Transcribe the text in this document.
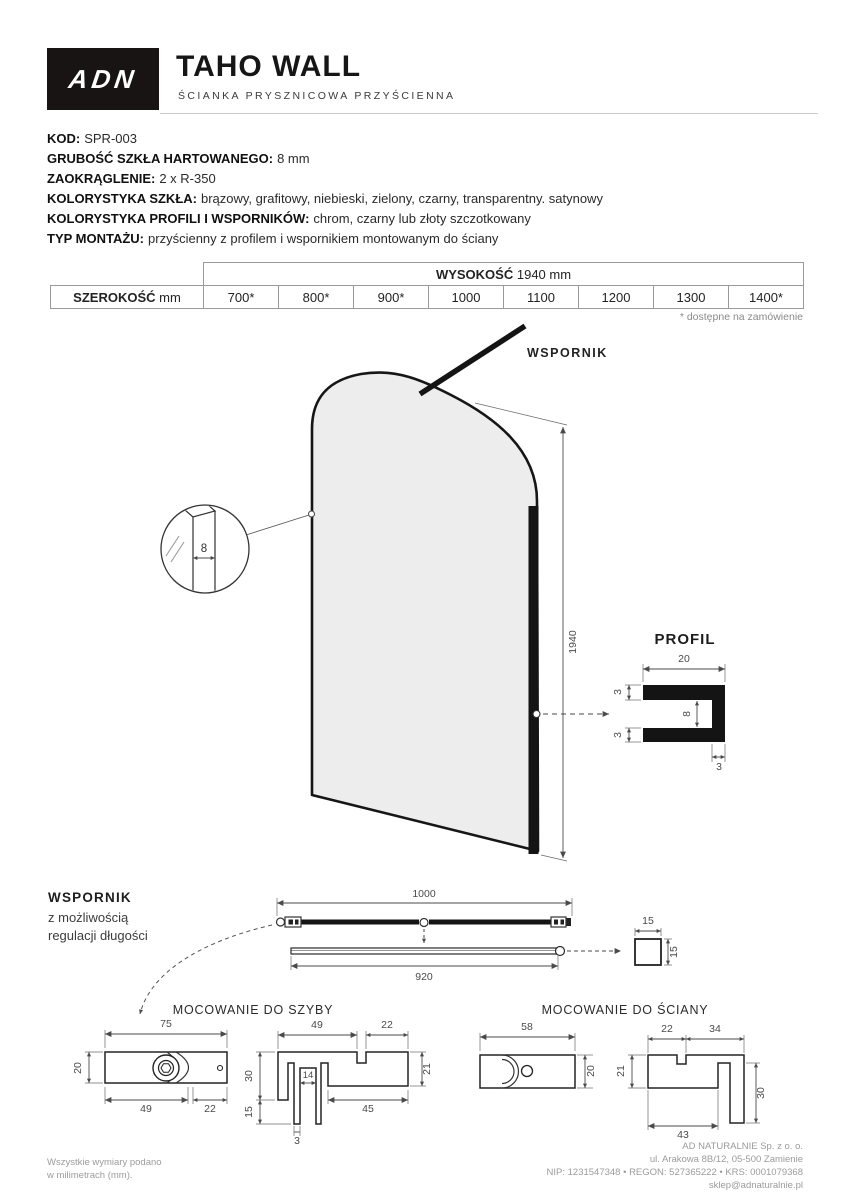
ADN TAHO WALL
ŚCIANKA PRYSZNICOWA PRZYŚCIENNA
KOD: SPR-003
GRUBOŚĆ SZKŁA HARTOWANEGO: 8 mm
ZAOKRĄGLENIE: 2 x R-350
KOLORYSTYKA SZKŁA: brązowy, grafitowy, niebieski, zielony, czarny, transparentny. satynowy
KOLORYSTYKA PROFILI I WSPORNIKÓW: chrom, czarny lub złoty szczotkowany
TYP MONTAŻU: przyścienny z profilem i wspornikiem montowanym do ściany
	WYSOKOŚĆ 1940 mm							
SZEROKOŚĆ mm	700*	800*	900*	1000	1100	1200	1300	1400*
* dostępne na zamówienie
WSPORNIK
1940
8
PROFIL
20
3
3
8
3
WSPORNIK
z możliwością
regulacji długości
1000
920
15
15
MOCOWANIE DO SZYBY
75
20
49	22
49	22
30
15
14
21
45
3
MOCOWANIE DO ŚCIANY
58
20
22	34
21
30
43
Wszystkie wymiary podano
w milimetrach (mm).
AD NATURALNIE Sp. z o. o.
ul. Arakowa 8B/12, 05-500 Zamienie
NIP: 1231547348 • REGON: 527365222 • KRS: 0001079368
sklep@adnaturalnie.pl
